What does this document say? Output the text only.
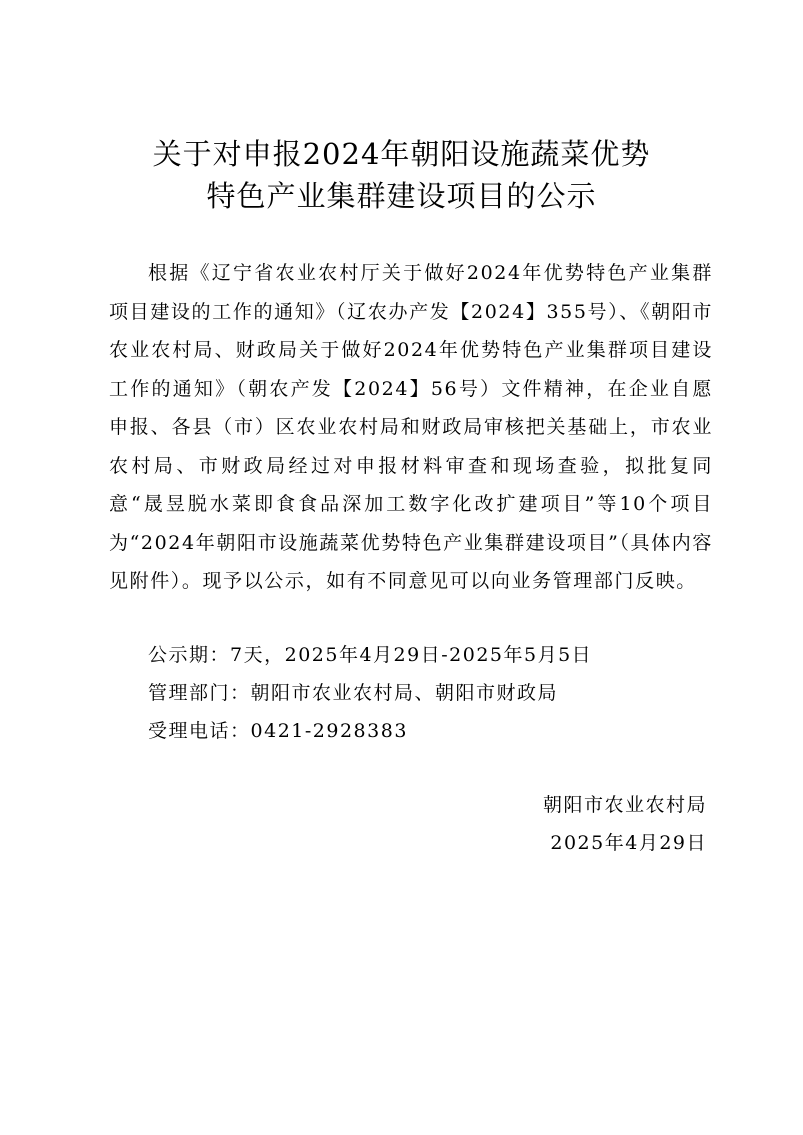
关于对申报2024年朝阳设施蔬菜优势
特色产业集群建设项目的公示

根据《辽宁省农业农村厅关于做好2024年优势特色产业集群项目建设的工作的通知》（辽农办产发【2024】355号）、《朝阳市农业农村局、财政局关于做好2024年优势特色产业集群项目建设工作的通知》（朝农产发【2024】56号）文件精神，在企业自愿申报、各县（市）区农业农村局和财政局审核把关基础上，市农业农村局、市财政局经过对申报材料审查和现场查验，拟批复同意“晟昱脱水菜即食食品深加工数字化改扩建项目”等10个项目为“2024年朝阳市设施蔬菜优势特色产业集群建设项目”（具体内容见附件）。现予以公示，如有不同意见可以向业务管理部门反映。

公示期：7天，2025年4月29日-2025年5月5日
管理部门：朝阳市农业农村局、朝阳市财政局
受理电话：0421-2928383
朝阳市农业农村局
2025年4月29日
